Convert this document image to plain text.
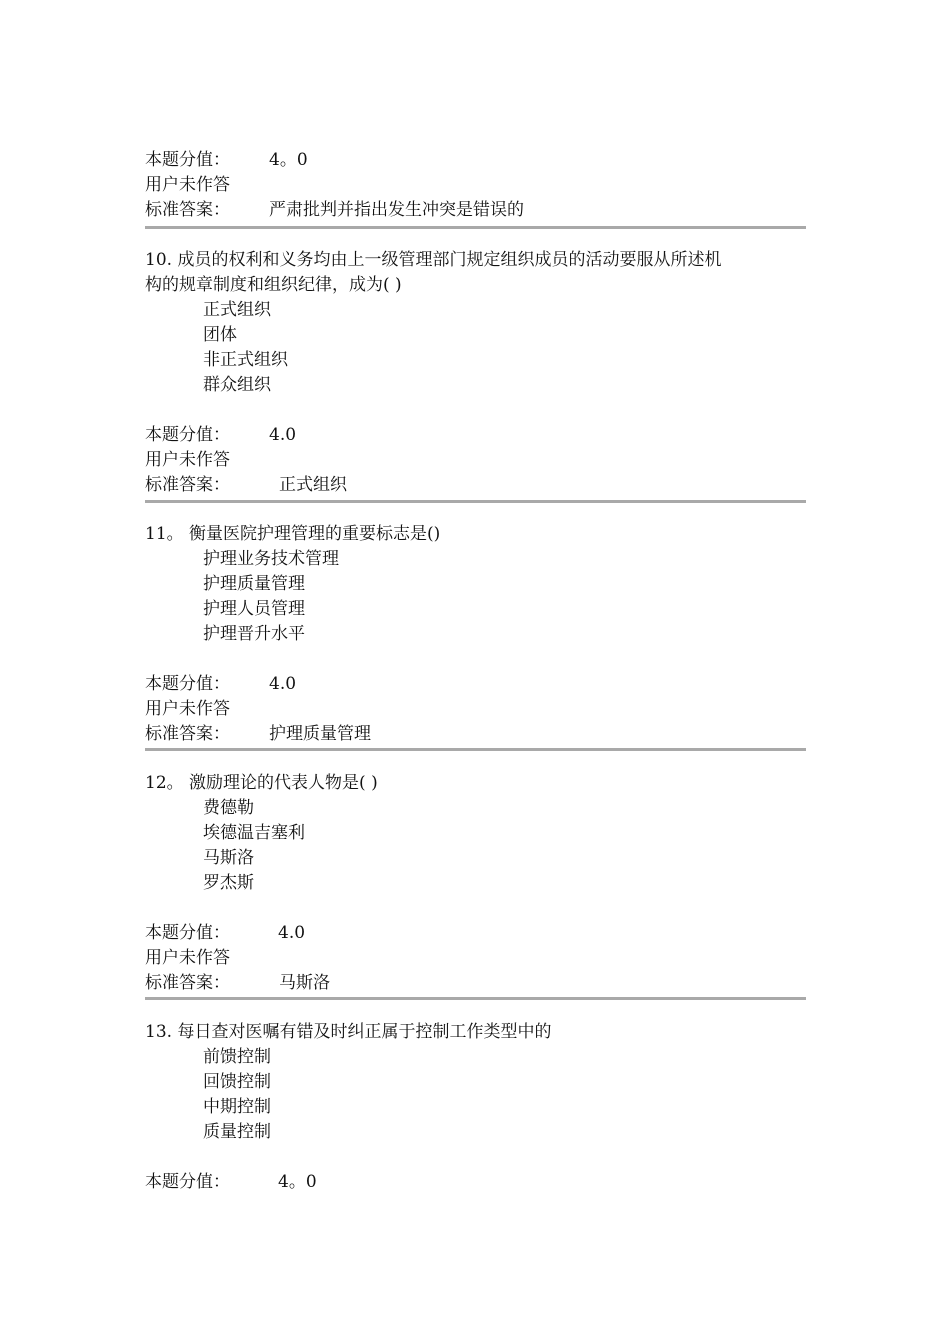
本题分值： 4。0
用户未作答
标准答案： 严肃批判并指出发生冲突是错误的
10. 成员的权利和义务均由上一级管理部门规定组织成员的活动要服从所述机
构的规章制度和组织纪律，成为( )
正式组织
团体
非正式组织
群众组织
本题分值： 4.0
用户未作答
标准答案：	正式组织
11。 衡量医院护理管理的重要标志是()
护理业务技术管理
护理质量管理
护理人员管理
护理晋升水平
本题分值： 4.0
用户未作答
标准答案： 护理质量管理
12。 激励理论的代表人物是( )
费德勒
埃德温吉塞利
马斯洛
罗杰斯
本题分值：	4.0
用户未作答
标准答案：	马斯洛
13. 每日查对医嘱有错及时纠正属于控制工作类型中的
前馈控制
回馈控制
中期控制
质量控制
本题分值：	4。0
